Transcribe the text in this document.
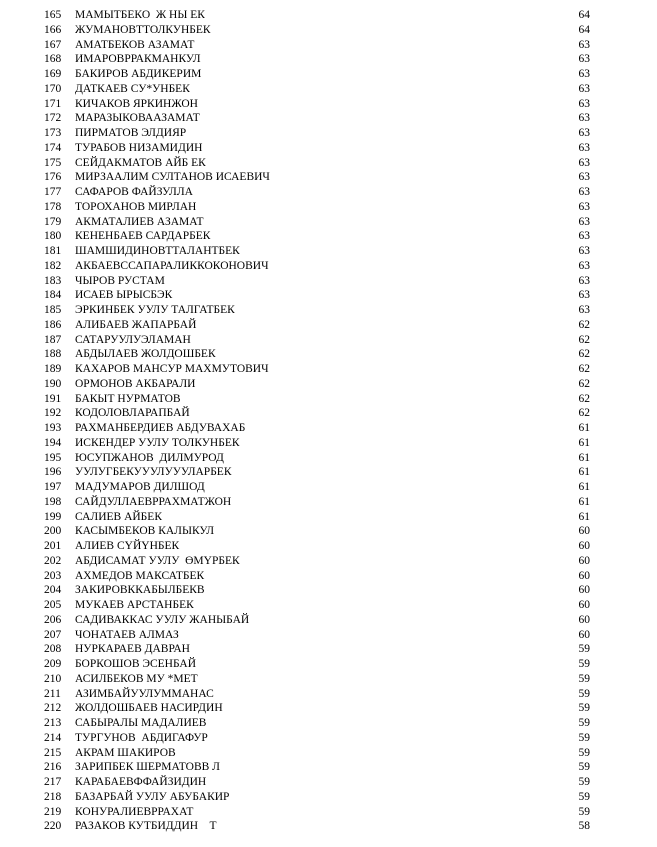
165	МАМЫТБЕКО  Ж НЫ ЕК	64
166	ЖУМАНОВТТОЛКУНБЕК	64
167	АМАТБЕКОВ АЗАМАТ	63
168	ИМАРОВРРАКМАНКУЛ	63
169	БАКИРОВ АБДИКЕРИМ	63
170	ДАТКАЕВ СУ*УНБЕК	63
171	КИЧАКОВ ЯРКИНЖОН	63
172	МАРАЗЫКОВААЗАМАТ	63
173	ПИРМАТОВ ЭЛДИЯР	63
174	ТУРАБОВ НИЗАМИДИН	63
175	СЕЙДАКМАТОВ АЙБ ЕК	63
176	МИРЗААЛИМ СУЛТАНОВ ИСАЕВИЧ	63
177	САФАРОВ ФАЙЗУЛЛА	63
178	ТОРОХАНОВ МИРЛАН	63
179	АКМАТАЛИЕВ АЗАМАТ	63
180	КЕНЕНБАЕВ САРДАРБЕК	63
181	ШАМШИДИНОВТТАЛАНТБЕК	63
182	АКБАЕВССАПАРАЛИККОКОНОВИЧ	63
183	ЧЫРОВ РУСТАМ	63
184	ИСАЕВ ЫРЫСБЭК	63
185	ЭРКИНБЕК УУЛУ ТАЛГАТБЕК	63
186	АЛИБАЕВ ЖАПАРБАЙ	62
187	САТАРУУЛУЭЛАМАН	62
188	АБДЫЛАЕВ ЖОЛДОШБЕК	62
189	КАХАРОВ МАНСУР МАХМУТОВИЧ	62
190	ОРМОНОВ АКБАРАЛИ	62
191	БАКЫТ НУРМАТОВ	62
192	КОДОЛОВЛАРАПБАЙ	62
193	РАХМАНБЕРДИЕВ АБДУВАХАБ	61
194	ИСКЕНДЕР УУЛУ ТОЛКУНБЕК	61
195	ЮСУПЖАНОВ  ДИЛМУРОД	61
196	УУЛУГБЕКУУУЛУУУЛАРБЕК	61
197	МАДУМАРОВ ДИЛШОД	61
198	САЙДУЛЛАЕВРРАХМАТЖОН	61
199	САЛИЕВ АЙБЕК	61
200	КАСЫМБЕКОВ КАЛЫКУЛ	60
201	АЛИЕВ СҮЙҮНБЕК	60
202	АБДИСАМАТ УУЛУ  ӨМҮРБЕК	60
203	АХМЕДОВ МАКСАТБЕК	60
204	ЗАКИРОВККАБЫЛБЕКВ	60
205	МУКАЕВ АРСТАНБЕК	60
206	САДИВАККАС УУЛУ ЖАНЫБАЙ	60
207	ЧОНАТАЕВ АЛМАЗ	60
208	НУРКАРАЕВ ДАВРАН	59
209	БОРКОШОВ ЭСЕНБАЙ	59
210	АСИЛБЕКОВ МУ *МЕТ	59
211	АЗИМБАЙУУЛУММАНАС	59
212	ЖОЛДОШБАЕВ НАСИРДИН	59
213	САБЫРАЛЫ МАДАЛИЕВ	59
214	ТУРГУНОВ  АБДИГАФУР	59
215	АКРАМ ШАКИРОВ	59
216	ЗАРИПБЕК ШЕРМАТОВВ Л	59
217	КАРАБАЕВФФАЙЗИДИН	59
218	БАЗАРБАЙ УУЛУ АБУБАКИР	59
219	КОНУРАЛИЕВРРАХАТ	59
220	РАЗАКОВ КУТБИДДИН    Т	58
